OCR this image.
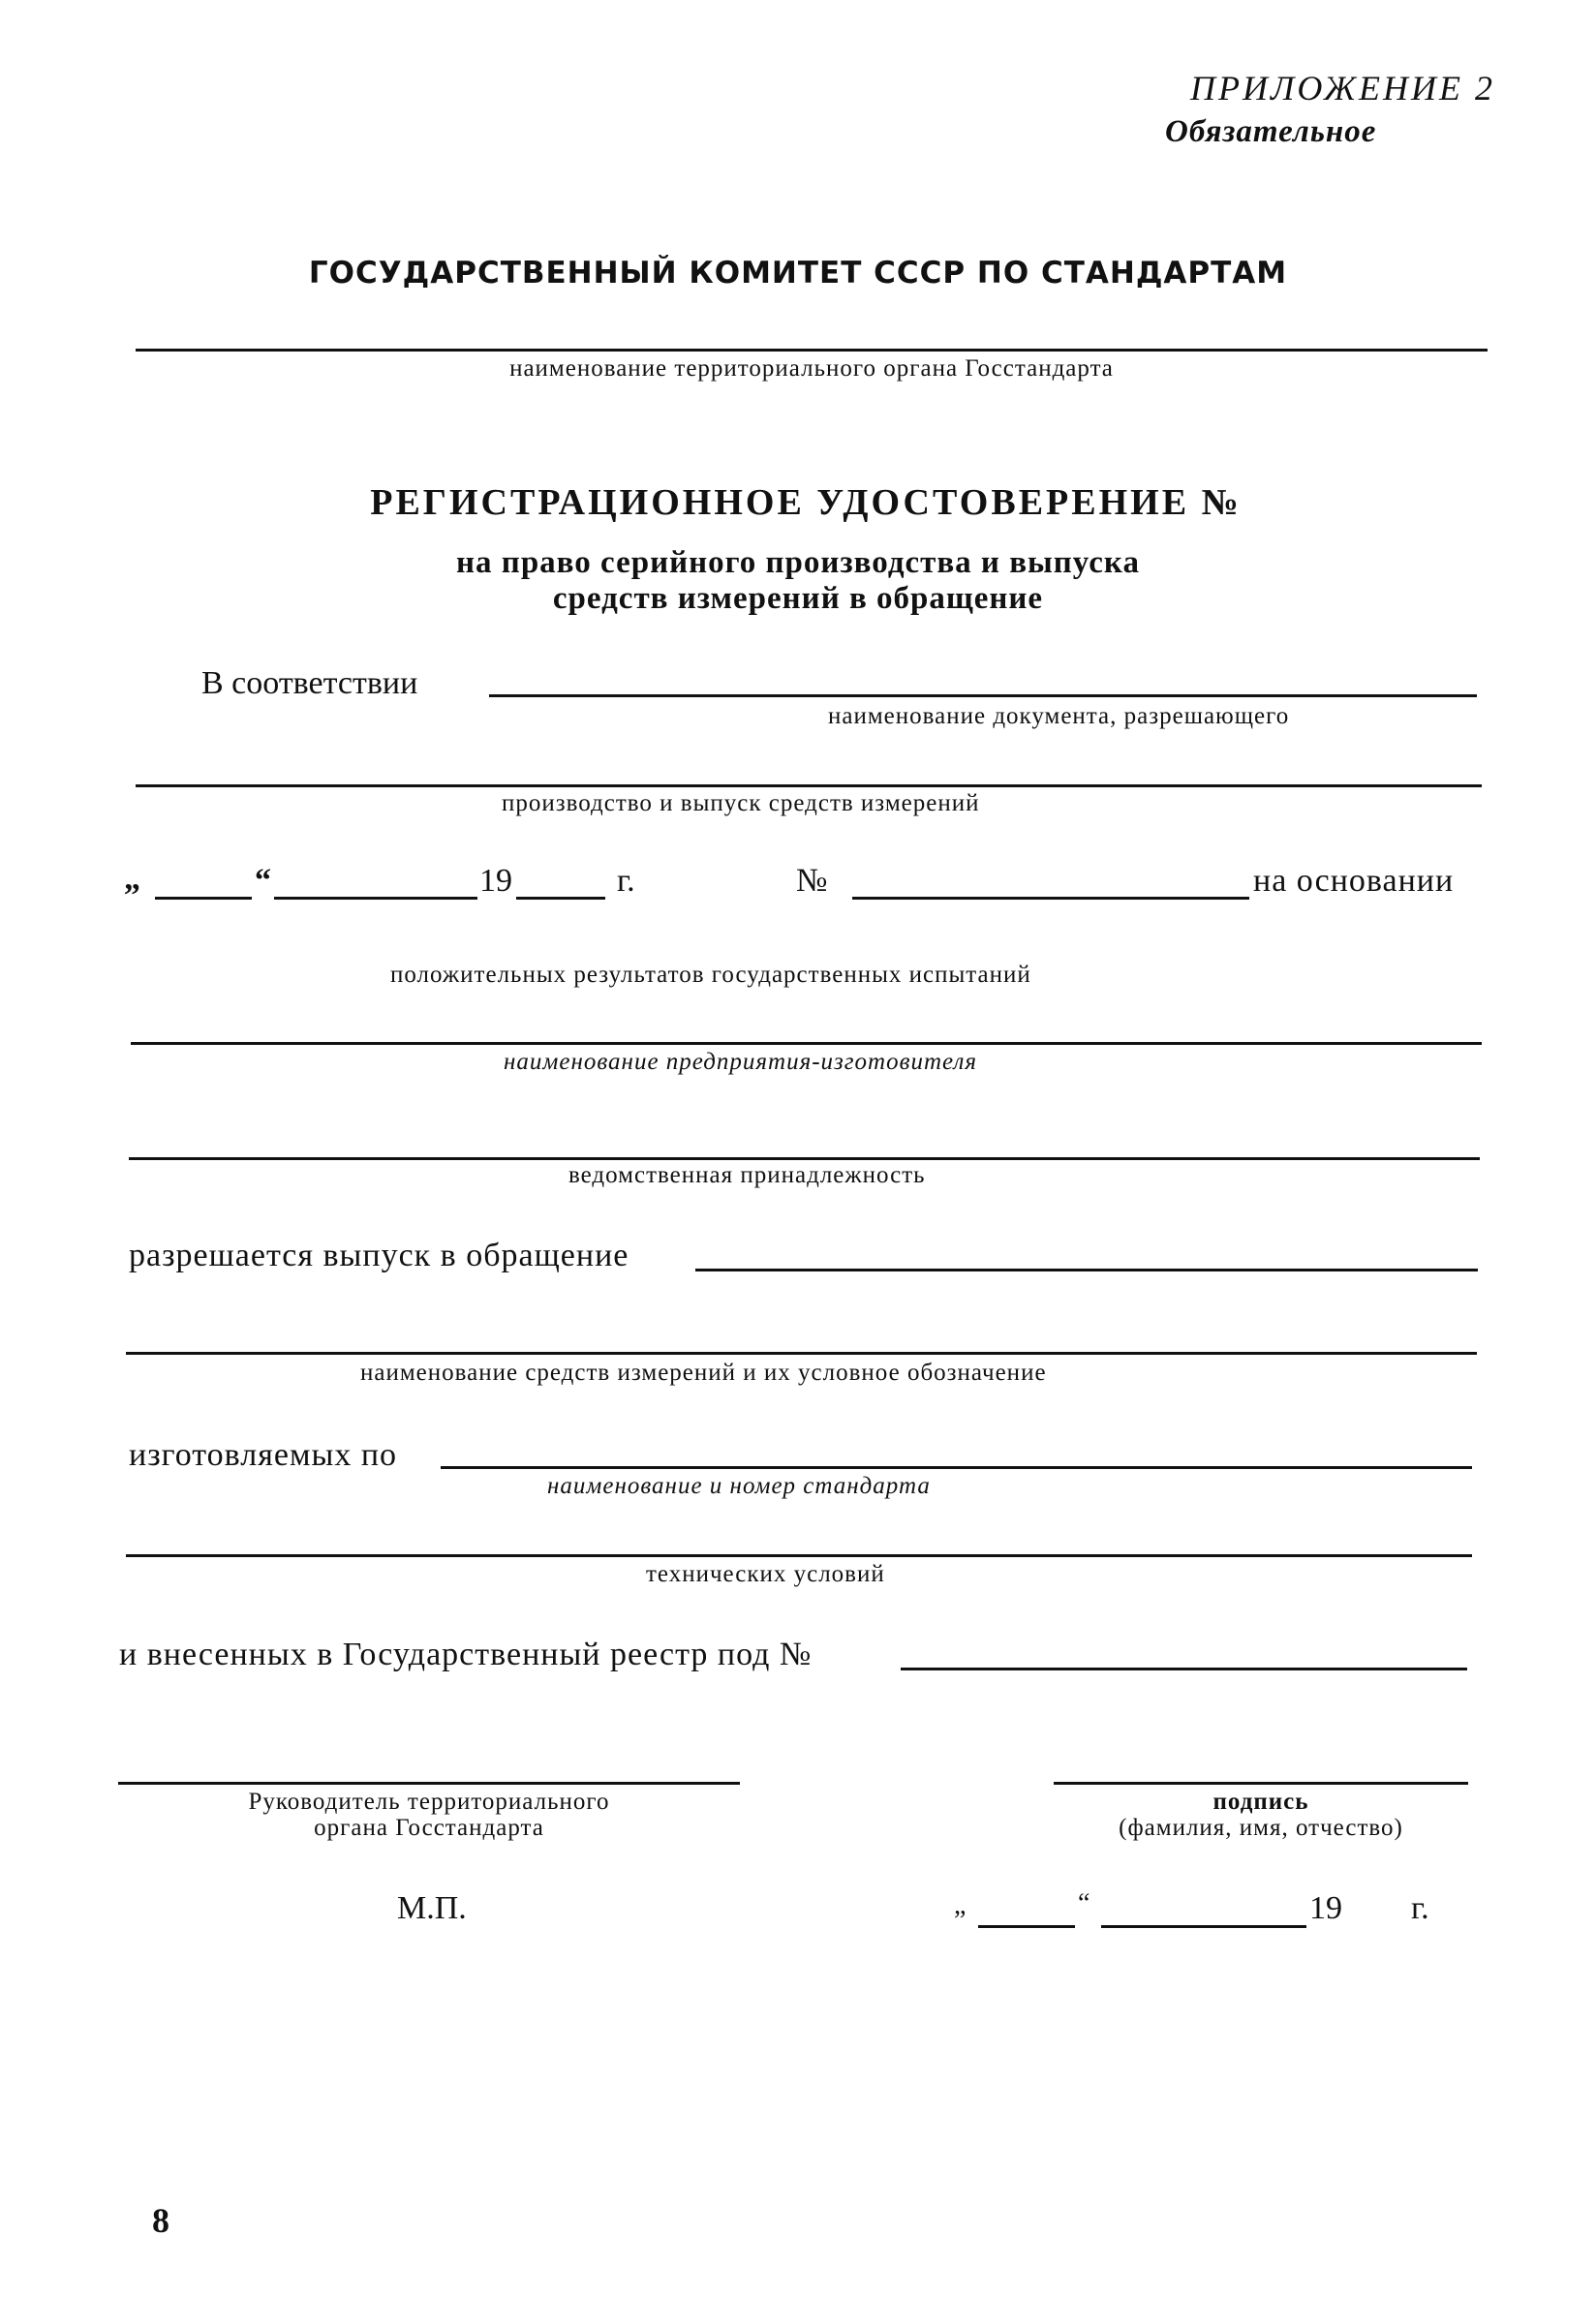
ПРИЛОЖЕНИЕ 2
Обязательное
ГОСУДАРСТВЕННЫЙ КОМИТЕТ СССР ПО СТАНДАРТАМ
наименование территориального органа Госстандарта
РЕГИСТРАЦИОННОЕ УДОСТОВЕРЕНИЕ №
на право серийного производства и выпуска
средств измерений в обращение
В соответствии
наименование документа, разрешающего
производство и выпуск средств измерений
„	“	19	г.	№	на основании
положительных результатов государственных испытаний
наименование предприятия-изготовителя
ведомственная принадлежность
разрешается выпуск в обращение
наименование средств измерений и их условное обозначение
изготовляемых по
наименование и номер стандарта
технических условий
и внесенных в Государственный реестр под №
Руководитель территориального
органа Госстандарта
подпись
(фамилия, имя, отчество)
М.П.	„	“	19 г.
8
